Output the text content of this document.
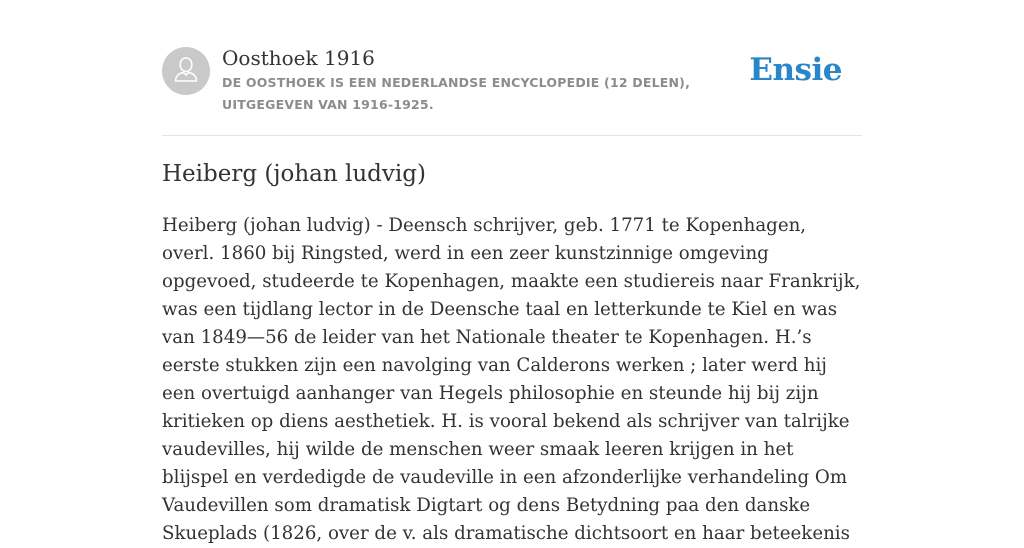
Oosthoek 1916
DE OOSTHOEK IS EEN NEDERLANDSE ENCYCLOPEDIE (12 DELEN), UITGEGEVEN VAN 1916-1925.
Ensie
Heiberg (johan ludvig)

Heiberg (johan ludvig) - Deensch schrijver, geb. 1771 te Kopenhagen, overl. 1860 bij Ringsted, werd in een zeer kunstzinnige omgeving opgevoed, studeerde te Kopenhagen, maakte een studiereis naar Frankrijk, was een tijdlang lector in de Deensche taal en letterkunde te Kiel en was van 1849—56 de leider van het Nationale theater te Kopenhagen. H.’s eerste stukken zijn een navolging van Calderons werken ; later werd hij een overtuigd aanhanger van Hegels philosophie en steunde hij bij zijn kritieken op diens aesthetiek. H. is vooral bekend als schrijver van talrijke vaudevilles, hij wilde de menschen weer smaak leeren krijgen in het blijspel en verdedigde de vaudeville in een afzonderlijke verhandeling Om Vaudevillen som dramatisk Digtart og dens Betydning paa den danske Skueplads (1826, over de v. als dramatische dichtsoort en haar beteekenis
